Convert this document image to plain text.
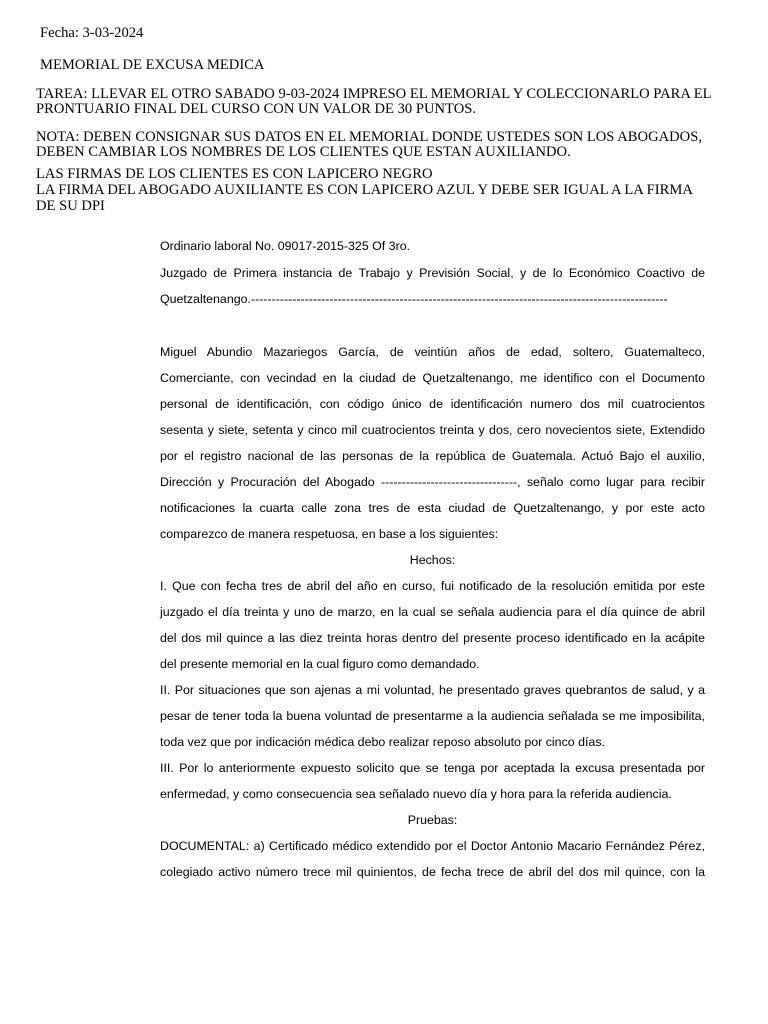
Fecha: 3-03-2024
MEMORIAL DE EXCUSA MEDICA
TAREA: LLEVAR EL OTRO SABADO 9-03-2024 IMPRESO EL MEMORIAL Y COLECCIONARLO PARA EL
PRONTUARIO FINAL DEL CURSO CON UN VALOR DE 30 PUNTOS.
NOTA: DEBEN CONSIGNAR SUS DATOS EN EL MEMORIAL DONDE USTEDES SON LOS ABOGADOS,
DEBEN CAMBIAR LOS NOMBRES DE LOS CLIENTES QUE ESTAN AUXILIANDO.
LAS FIRMAS DE LOS CLIENTES ES CON LAPICERO NEGRO
LA FIRMA DEL ABOGADO AUXILIANTE ES CON LAPICERO AZUL Y DEBE SER IGUAL A LA FIRMA
DE SU DPI
Ordinario laboral No. 09017-2015-325 Of 3ro.
Juzgado de Primera instancia de Trabajo y Previsión Social, y de lo Económico Coactivo de
Quetzaltenango.-----------------------------------------------------------------------------------------------------
Miguel Abundio Mazariegos García, de veintiún años de edad, soltero, Guatemalteco,
Comerciante, con vecindad en la ciudad de Quetzaltenango, me identifico con el Documento
personal de identificación, con código único de identificación numero dos mil cuatrocientos
sesenta y siete, setenta y cinco mil cuatrocientos treinta y dos, cero novecientos siete, Extendido
por el registro nacional de las personas de la república de Guatemala. Actuó Bajo el auxilio,
Dirección y Procuración del Abogado ---------------------------------, señalo como lugar para recibir
notificaciones la cuarta calle zona tres de esta ciudad de Quetzaltenango, y por este acto
comparezco de manera respetuosa, en base a los siguientes:
Hechos:
I. Que con fecha tres de abril del año en curso, fui notificado de la resolución emitida por este
juzgado el día treinta y uno de marzo, en la cual se señala audiencia para el día quince de abril
del dos mil quince a las diez treinta horas dentro del presente proceso identificado en la acápite
del presente memorial en la cual figuro como demandado.
II. Por situaciones que son ajenas a mi voluntad, he presentado graves quebrantos de salud, y a
pesar de tener toda la buena voluntad de presentarme a la audiencia señalada se me imposibilita,
toda vez que por indicación médica debo realizar reposo absoluto por cinco días.
III. Por lo anteriormente expuesto solicito que se tenga por aceptada la excusa presentada por
enfermedad, y como consecuencia sea señalado nuevo día y hora para la referida audiencia.
Pruebas:
DOCUMENTAL: a) Certificado médico extendido por el Doctor Antonio Macario Fernández Pérez,
colegiado activo número trece mil quinientos, de fecha trece de abril del dos mil quince, con la
